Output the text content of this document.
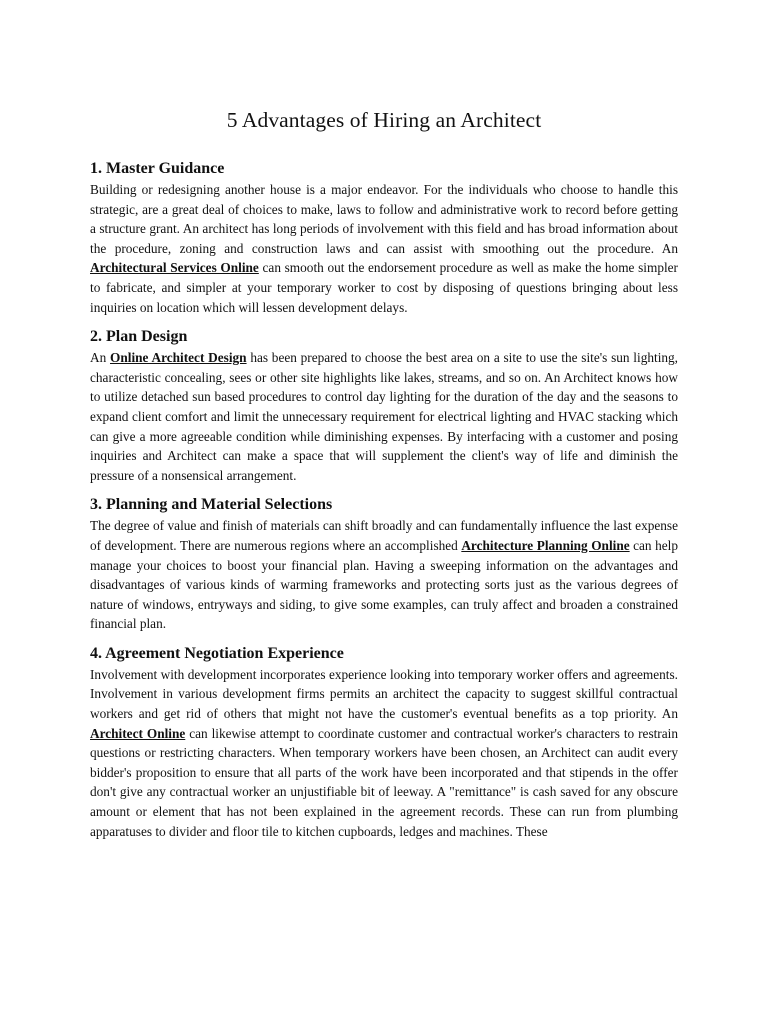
5 Advantages of Hiring an Architect
1. Master Guidance

Building or redesigning another house is a major endeavor. For the individuals who choose to handle this strategic, are a great deal of choices to make, laws to follow and administrative work to record before getting a structure grant. An architect has long periods of involvement with this field and has broad information about the procedure, zoning and construction laws and can assist with smoothing out the procedure. An Architectural Services Online can smooth out the endorsement procedure as well as make the home simpler to fabricate, and simpler at your temporary worker to cost by disposing of questions bringing about less inquiries on location which will lessen development delays.

2. Plan Design

An Online Architect Design has been prepared to choose the best area on a site to use the site's sun lighting, characteristic concealing, sees or other site highlights like lakes, streams, and so on. An Architect knows how to utilize detached sun based procedures to control day lighting for the duration of the day and the seasons to expand client comfort and limit the unnecessary requirement for electrical lighting and HVAC stacking which can give a more agreeable condition while diminishing expenses. By interfacing with a customer and posing inquiries and Architect can make a space that will supplement the client's way of life and diminish the pressure of a nonsensical arrangement.

3. Planning and Material Selections

The degree of value and finish of materials can shift broadly and can fundamentally influence the last expense of development. There are numerous regions where an accomplished Architecture Planning Online can help manage your choices to boost your financial plan. Having a sweeping information on the advantages and disadvantages of various kinds of warming frameworks and protecting sorts just as the various degrees of nature of windows, entryways and siding, to give some examples, can truly affect and broaden a constrained financial plan.

4. Agreement Negotiation Experience

Involvement with development incorporates experience looking into temporary worker offers and agreements. Involvement in various development firms permits an architect the capacity to suggest skillful contractual workers and get rid of others that might not have the customer's eventual benefits as a top priority. An Architect Online can likewise attempt to coordinate customer and contractual worker's characters to restrain questions or restricting characters. When temporary workers have been chosen, an Architect can audit every bidder's proposition to ensure that all parts of the work have been incorporated and that stipends in the offer don't give any contractual worker an unjustifiable bit of leeway. A "remittance" is cash saved for any obscure amount or element that has not been explained in the agreement records. These can run from plumbing apparatuses to divider and floor tile to kitchen cupboards, ledges and machines. These
